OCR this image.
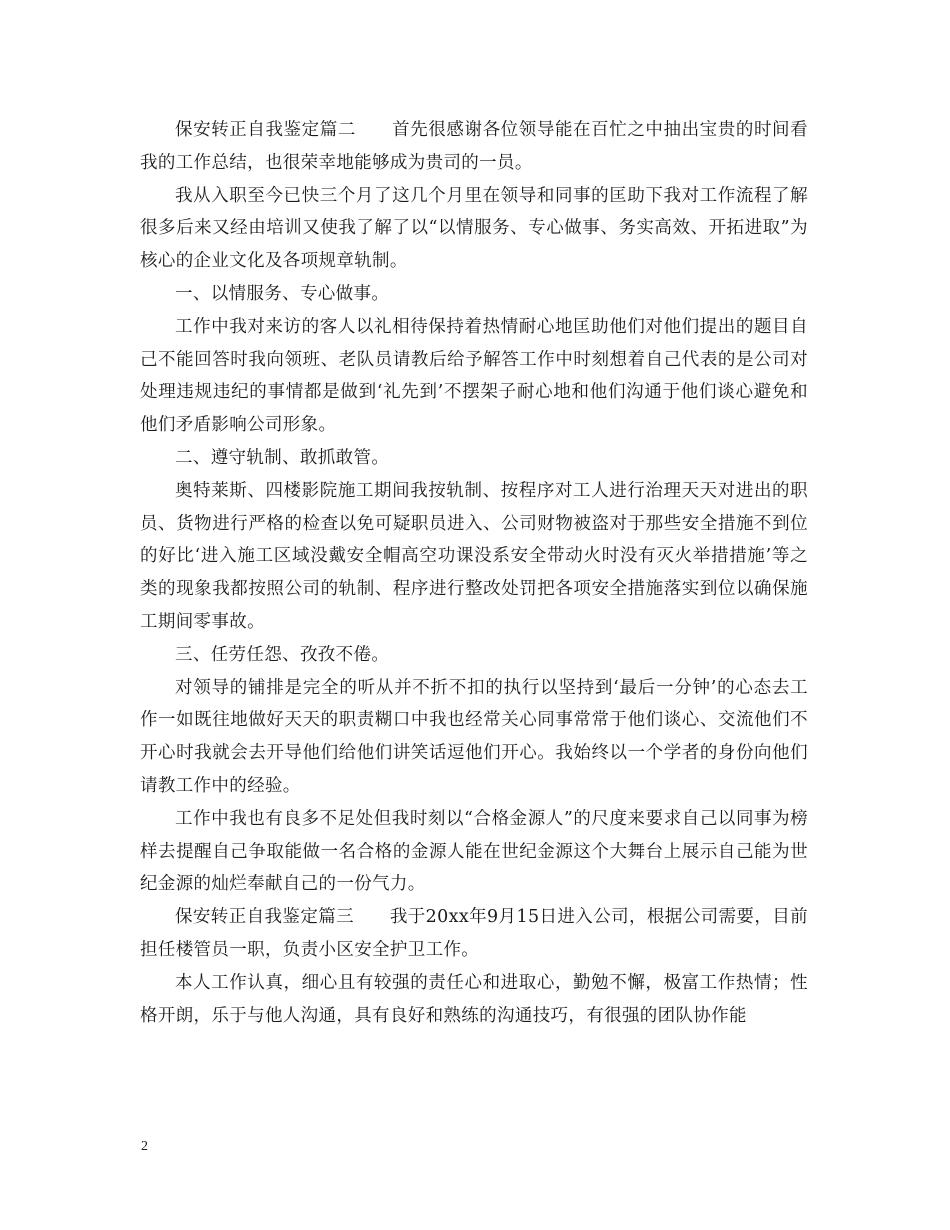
保安转正自我鉴定篇二　　首先很感谢各位领导能在百忙之中抽出宝贵的时间看我的工作总结，也很荣幸地能够成为贵司的一员。

我从入职至今已快三个月了这几个月里在领导和同事的匡助下我对工作流程了解很多后来又经由培训又使我了解了以“以情服务、专心做事、务实高效、开拓进取”为核心的企业文化及各项规章轨制。

一、以情服务、专心做事。

工作中我对来访的客人以礼相待保持着热情耐心地匡助他们对他们提出的题目自己不能回答时我向领班、老队员请教后给予解答工作中时刻想着自己代表的是公司对处理违规违纪的事情都是做到‘礼先到’不摆架子耐心地和他们沟通于他们谈心避免和他们矛盾影响公司形象。

二、遵守轨制、敢抓敢管。

奥特莱斯、四楼影院施工期间我按轨制、按程序对工人进行治理天天对进出的职员、货物进行严格的检查以免可疑职员进入、公司财物被盗对于那些安全措施不到位的好比‘进入施工区域没戴安全帽高空功课没系安全带动火时没有灭火举措措施’等之类的现象我都按照公司的轨制、程序进行整改处罚把各项安全措施落实到位以确保施工期间零事故。

三、任劳任怨、孜孜不倦。

对领导的铺排是完全的听从并不折不扣的执行以坚持到‘最后一分钟’的心态去工作一如既往地做好天天的职责糊口中我也经常关心同事常常于他们谈心、交流他们不开心时我就会去开导他们给他们讲笑话逗他们开心。我始终以一个学者的身份向他们请教工作中的经验。

工作中我也有良多不足处但我时刻以“合格金源人”的尺度来要求自己以同事为榜样去提醒自己争取能做一名合格的金源人能在世纪金源这个大舞台上展示自己能为世纪金源的灿烂奉献自己的一份气力。

保安转正自我鉴定篇三　　我于20xx年9月15日进入公司，根据公司需要，目前担任楼管员一职，负责小区安全护卫工作。

本人工作认真，细心且有较强的责任心和进取心，勤勉不懈，极富工作热情；性格开朗，乐于与他人沟通，具有良好和熟练的沟通技巧，有很强的团队协作能

2
